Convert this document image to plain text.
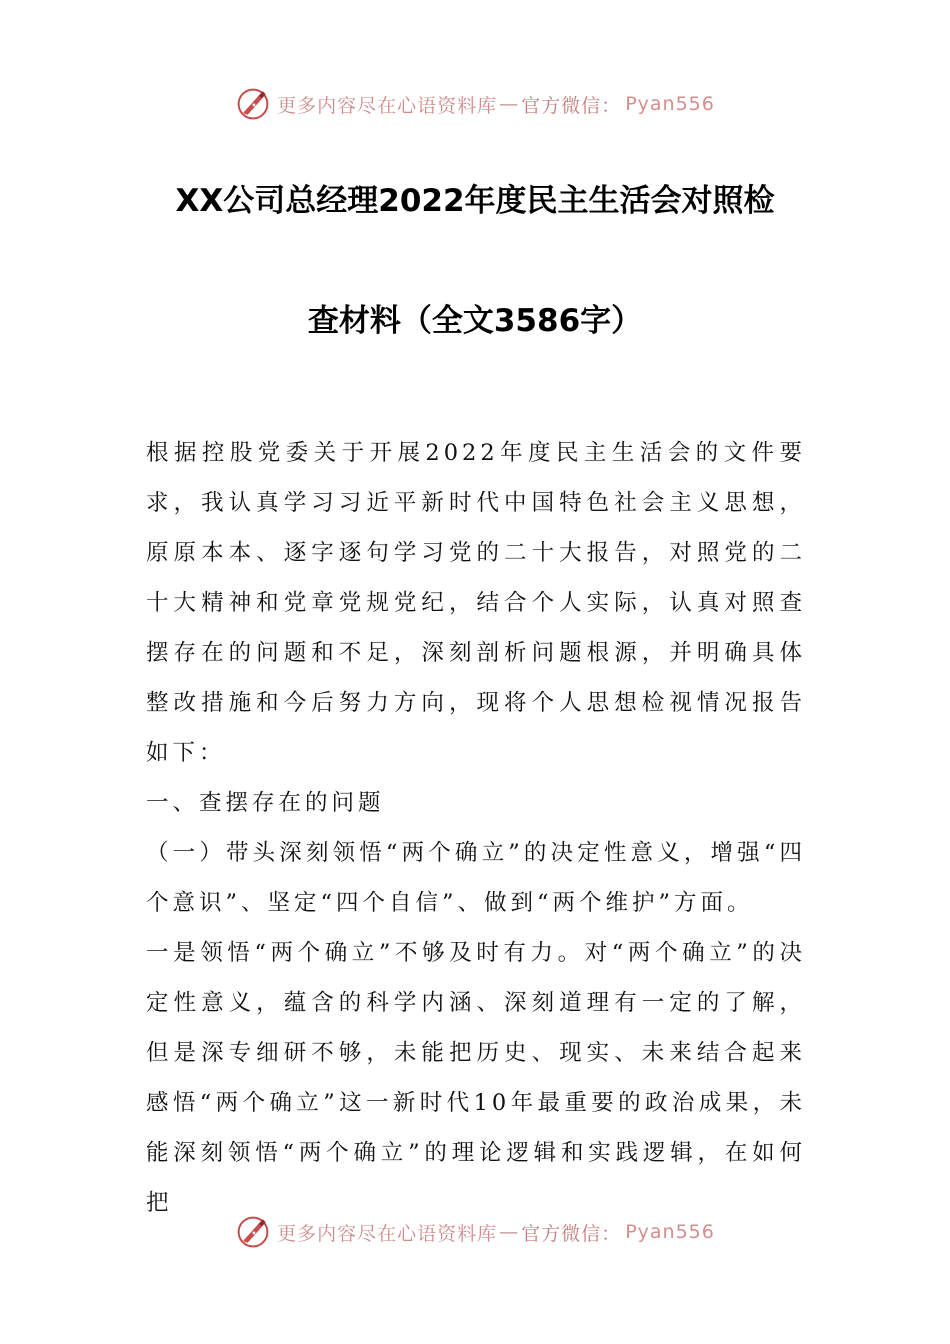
更多内容尽在心语资料库 — 官方微信： Pyan556
XX公司总经理2022年度民主生活会对照检
查材料（全文3586字）

根据控股党委关于开展2022年度民主生活会的文件要求，我认真学习习近平新时代中国特色社会主义思想，原原本本、逐字逐句学习党的二十大报告，对照党的二十大精神和党章党规党纪，结合个人实际，认真对照查摆存在的问题和不足，深刻剖析问题根源，并明确具体整改措施和今后努力方向，现将个人思想检视情况报告如下：

一、查摆存在的问题

（一）带头深刻领悟“两个确立”的决定性意义，增强“四个意识”、坚定“四个自信”、做到“两个维护”方面。

一是领悟“两个确立”不够及时有力。对“两个确立”的决定性意义，蕴含的科学内涵、深刻道理有一定的了解，但是深专细研不够，未能把历史、现实、未来结合起来感悟“两个确立”这一新时代10年最重要的政治成果，未能深刻领悟“两个确立”的理论逻辑和实践逻辑，在如何把

更多内容尽在心语资料库 — 官方微信： Pyan556
